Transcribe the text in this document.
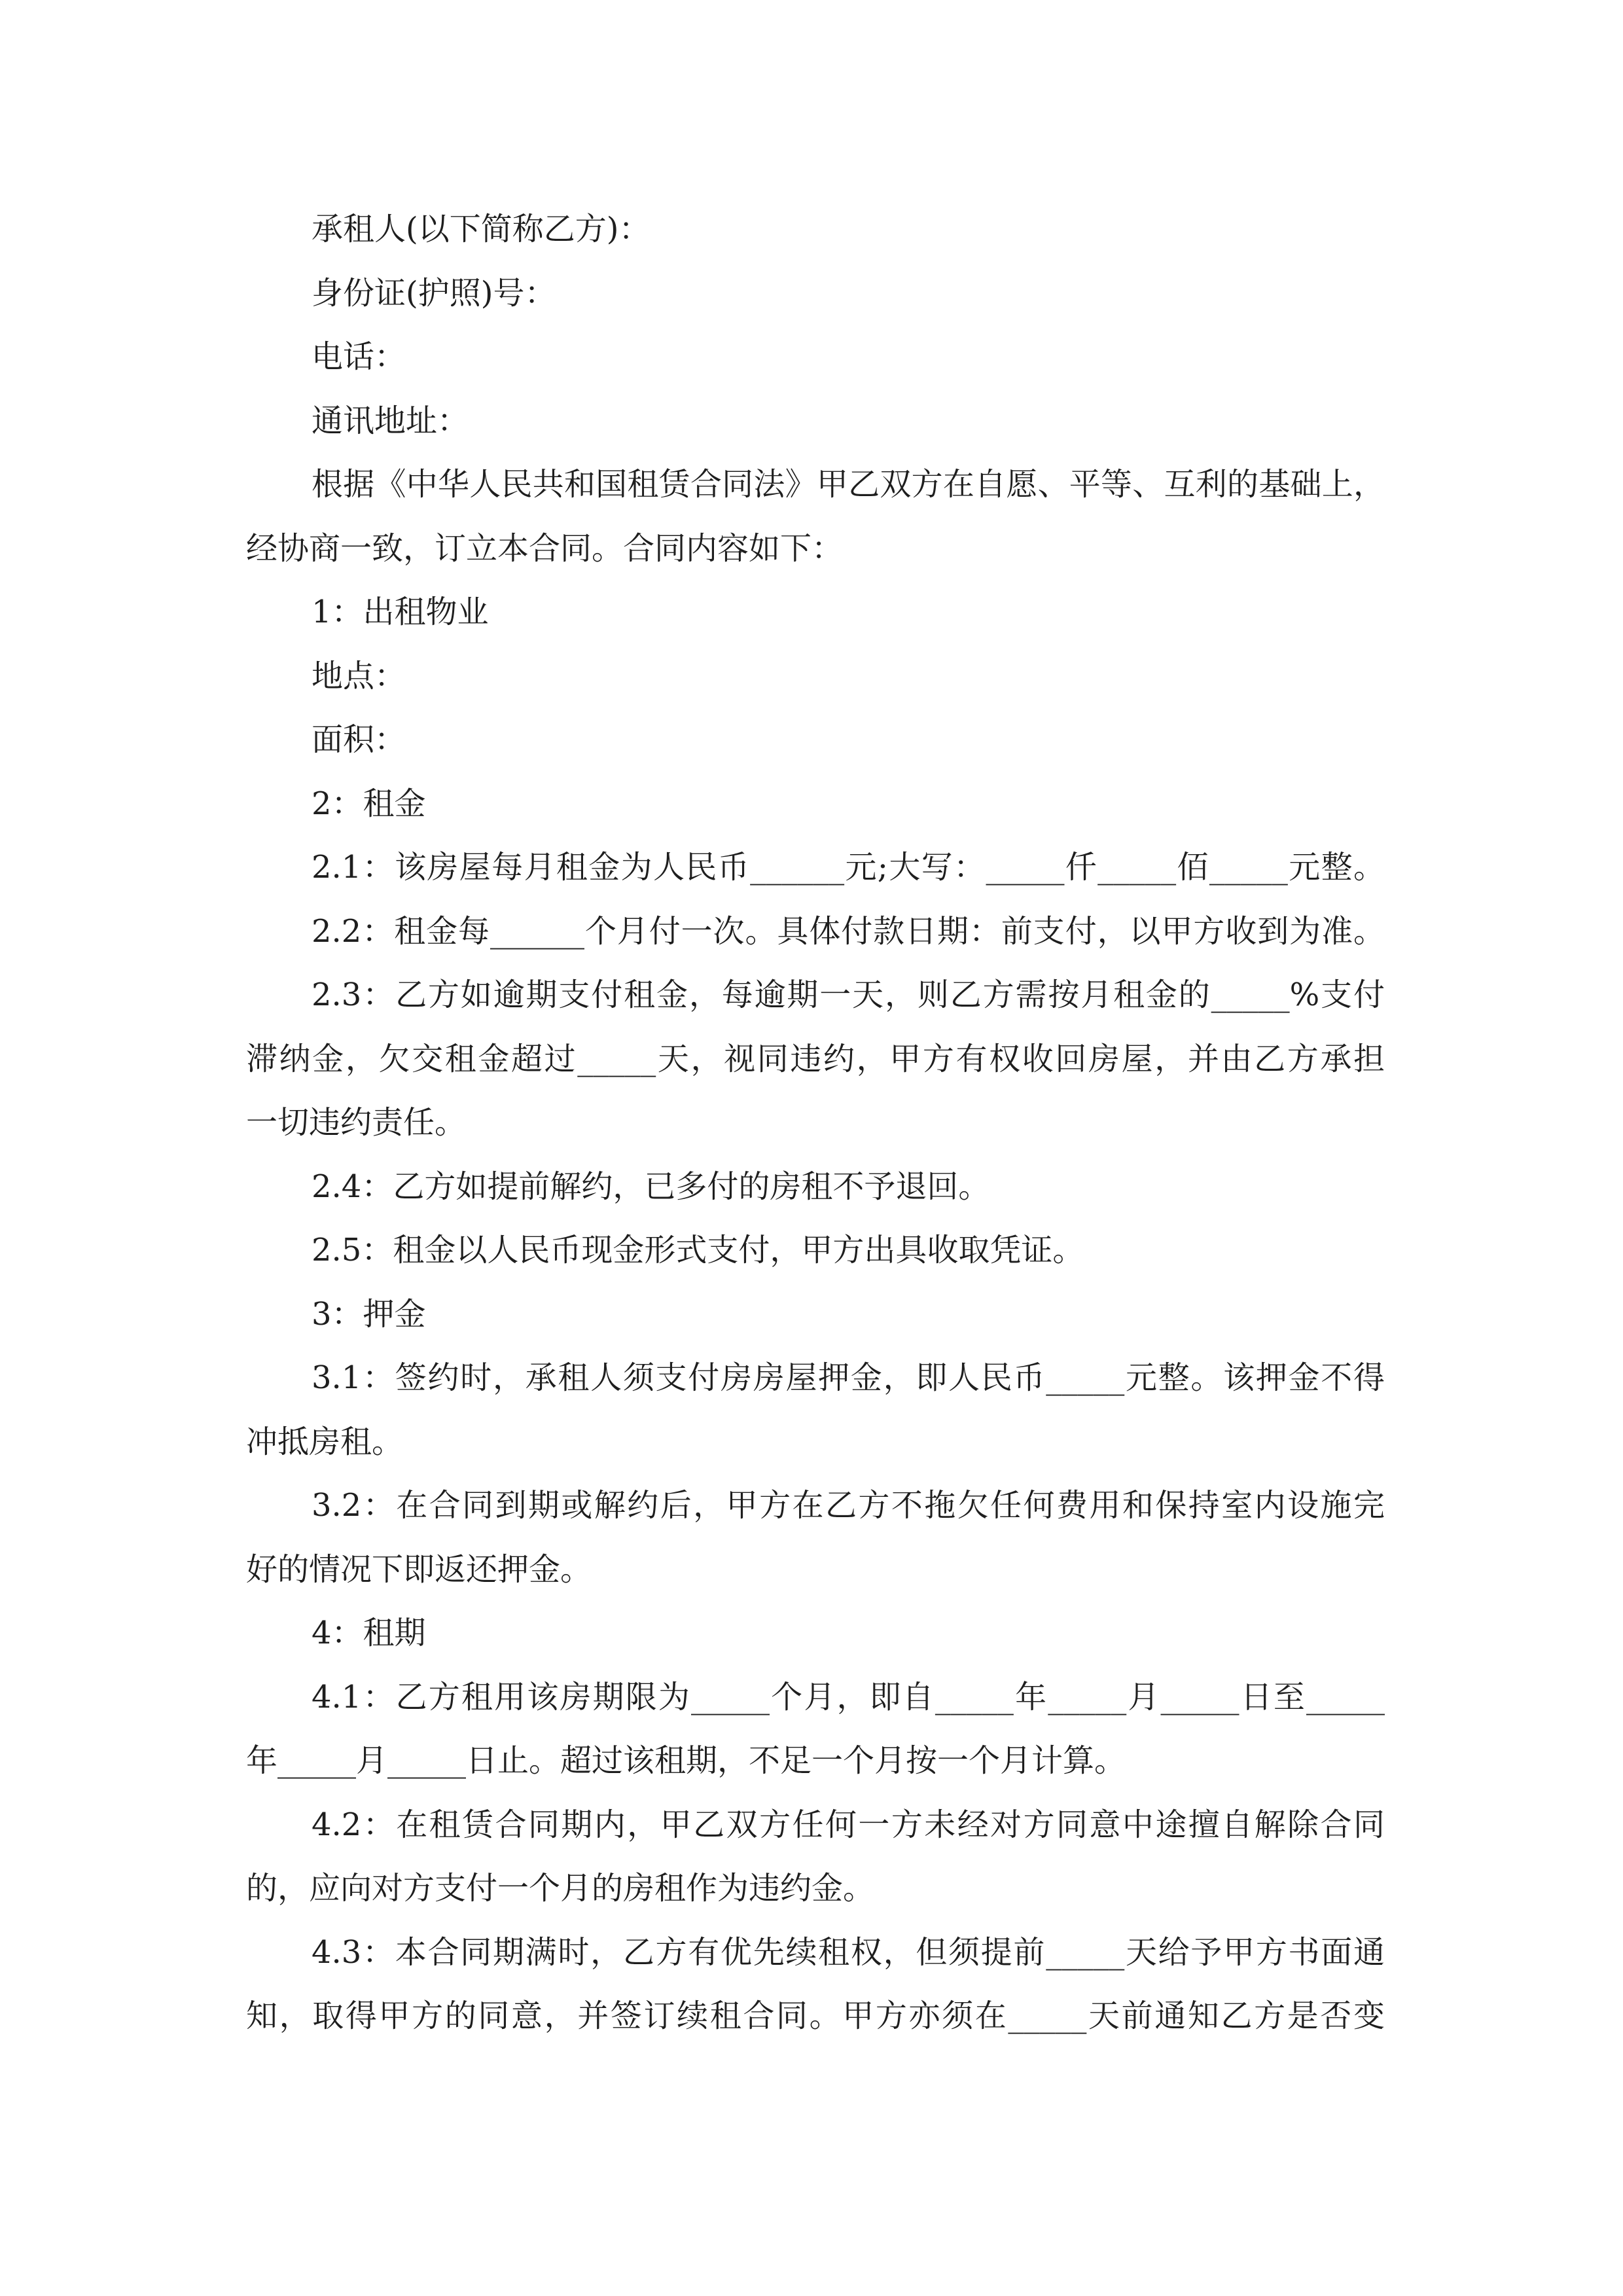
承租人(以下简称乙方)：
身份证(护照)号：
电话：
通讯地址：
根据《中华人民共和国租赁合同法》甲乙双方在自愿、平等、互利的基础上，
经协商一致，订立本合同。合同内容如下：
1：出租物业
地点：
面积：
2：租金
2.1：该房屋每月租金为人民币______元;大写：_____仟_____佰_____元整。
2.2：租金每______个月付一次。具体付款日期：前支付，以甲方收到为准。
2.3：乙方如逾期支付租金，每逾期一天，则乙方需按月租金的_____%支付
滞纳金，欠交租金超过_____天，视同违约，甲方有权收回房屋，并由乙方承担
一切违约责任。
2.4：乙方如提前解约，已多付的房租不予退回。
2.5：租金以人民币现金形式支付，甲方出具收取凭证。
3：押金
3.1：签约时，承租人须支付房房屋押金，即人民币_____元整。该押金不得
冲抵房租。
3.2：在合同到期或解约后，甲方在乙方不拖欠任何费用和保持室内设施完
好的情况下即返还押金。
4：租期
4.1：乙方租用该房期限为_____个月，即自_____年_____月_____日至_____
年_____月_____日止。超过该租期，不足一个月按一个月计算。
4.2：在租赁合同期内，甲乙双方任何一方未经对方同意中途擅自解除合同
的，应向对方支付一个月的房租作为违约金。
4.3：本合同期满时，乙方有优先续租权，但须提前_____天给予甲方书面通
知，取得甲方的同意，并签订续租合同。甲方亦须在_____天前通知乙方是否变
